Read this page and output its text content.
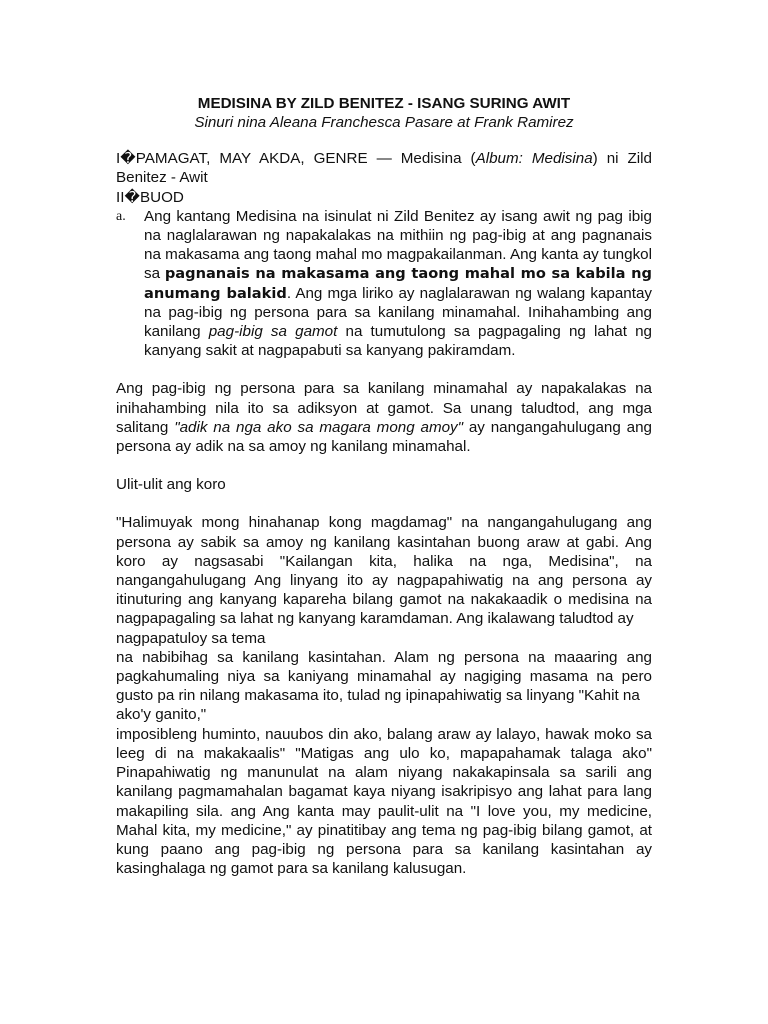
MEDISINA BY ZILD BENITEZ - ISANG SURING AWIT

Sinuri nina Aleana Franchesca Pasare at Frank Ramirez

I�PAMAGAT, MAY AKDA, GENRE — Medisina (Album: Medisina) ni Zild Benitez - Awit

II�BUOD

a. Ang kantang Medisina na isinulat ni Zild Benitez ay isang awit ng pag ibig na naglalarawan ng napakalakas na mithiin ng pag-ibig at ang pagnanais na makasama ang taong mahal mo magpakailanman. Ang kanta ay tungkol sa pagnanais na makasama ang taong mahal mo sa kabila ng anumang balakid. Ang mga liriko ay naglalarawan ng walang kapantay na pag-ibig ng persona para sa kanilang minamahal. Inihahambing ang kanilang pag-ibig sa gamot na tumutulong sa pagpagaling ng lahat ng kanyang sakit at nagpapabuti sa kanyang pakiramdam.

Ang pag-ibig ng persona para sa kanilang minamahal ay napakalakas na inihahambing nila ito sa adiksyon at gamot. Sa unang taludtod, ang mga salitang "adik na nga ako sa magara mong amoy" ay nangangahulugang ang persona ay adik na sa amoy ng kanilang minamahal.

Ulit-ulit ang koro

"Halimuyak mong hinahanap kong magdamag" na nangangahulugang ang persona ay sabik sa amoy ng kanilang kasintahan buong araw at gabi. Ang koro ay nagsasabi "Kailangan kita, halika na nga, Medisina", na nangangahulugang Ang linyang ito ay nagpapahiwatig na ang persona ay itinuturing ang kanyang kapareha bilang gamot na nakakaadik o medisina na nagpapagaling sa lahat ng kanyang karamdaman. Ang ikalawang taludtod ay

nagpapatuloy sa tema

na nabibihag sa kanilang kasintahan. Alam ng persona na maaaring ang pagkahumaling niya sa kaniyang minamahal ay nagiging masama na pero gusto pa rin nilang makasama ito, tulad ng ipinapahiwatig sa linyang "Kahit na

ako'y ganito,"

imposibleng huminto, nauubos din ako, balang araw ay lalayo, hawak moko sa leeg di na makakaalis" "Matigas ang ulo ko, mapapahamak talaga ako" Pinapahiwatig ng manunulat na alam niyang nakakapinsala sa sarili ang kanilang pagmamahalan bagamat kaya niyang isakripisyo ang lahat para lang makapiling sila. ang Ang kanta may paulit-ulit na "I love you, my medicine, Mahal kita, my medicine," ay pinatitibay ang tema ng pag-ibig bilang gamot, at kung paano ang pag-ibig ng persona para sa kanilang kasintahan ay kasinghalaga ng gamot para sa kanilang kalusugan.
